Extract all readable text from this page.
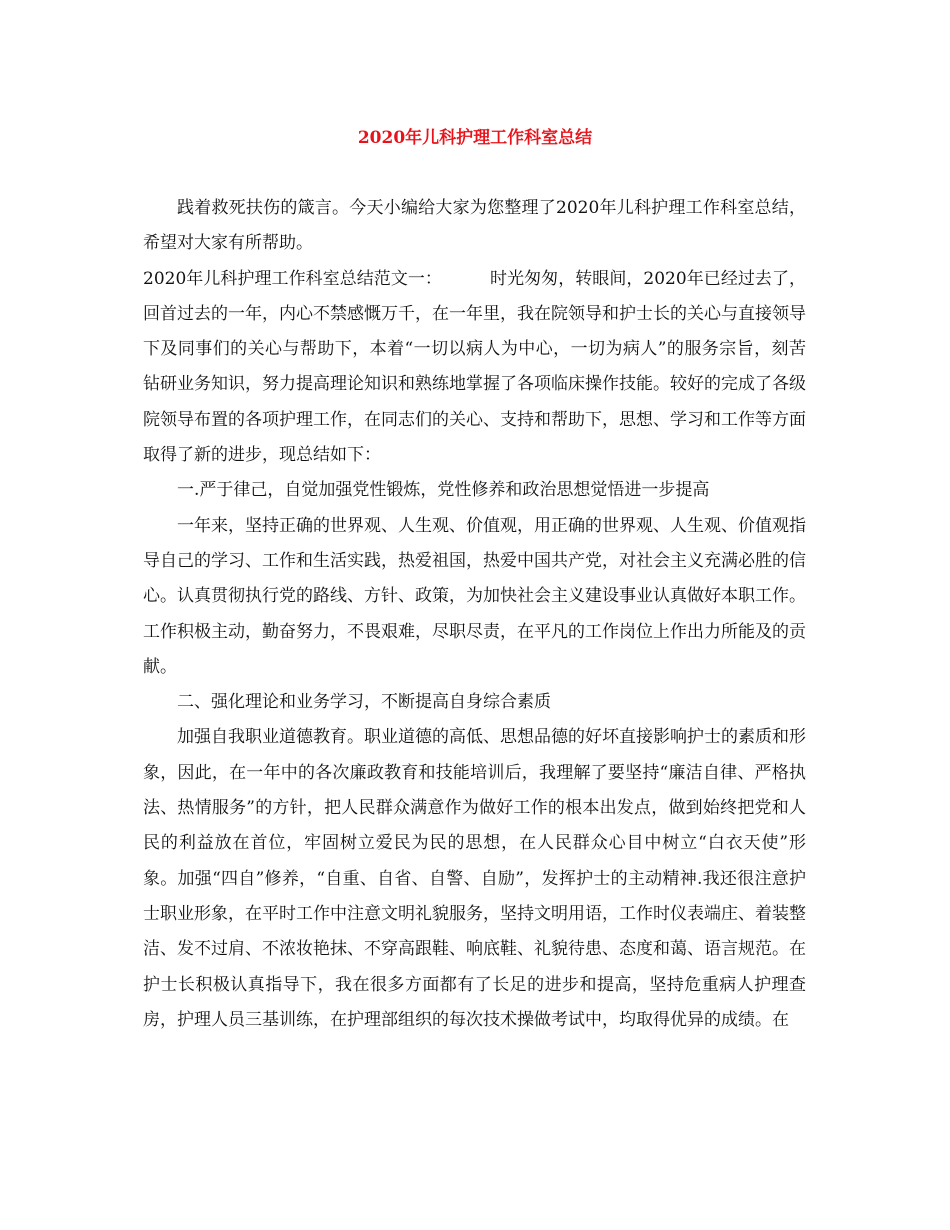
2020年儿科护理工作科室总结

践着救死扶伤的箴言。今天小编给大家为您整理了2020年儿科护理工作科室总结，希望对大家有所帮助。

2020年儿科护理工作科室总结范文一：	时光匆匆，转眼间，2020年已经过去了，回首过去的一年，内心不禁感慨万千，在一年里，我在院领导和护士长的关心与直接领导下及同事们的关心与帮助下，本着“一切以病人为中心，一切为病人”的服务宗旨，刻苦钻研业务知识，努力提高理论知识和熟练地掌握了各项临床操作技能。较好的完成了各级院领导布置的各项护理工作，在同志们的关心、支持和帮助下，思想、学习和工作等方面取得了新的进步，现总结如下：

一.严于律己，自觉加强党性锻炼，党性修养和政治思想觉悟进一步提高

一年来，坚持正确的世界观、人生观、价值观，用正确的世界观、人生观、价值观指导自己的学习、工作和生活实践，热爱祖国，热爱中国共产党，对社会主义充满必胜的信心。认真贯彻执行党的路线、方针、政策，为加快社会主义建设事业认真做好本职工作。工作积极主动，勤奋努力，不畏艰难，尽职尽责，在平凡的工作岗位上作出力所能及的贡献。

二、强化理论和业务学习，不断提高自身综合素质

加强自我职业道德教育。职业道德的高低、思想品德的好坏直接影响护士的素质和形象，因此，在一年中的各次廉政教育和技能培训后，我理解了要坚持“廉洁自律、严格执法、热情服务”的方针，把人民群众满意作为做好工作的根本出发点，做到始终把党和人民的利益放在首位，牢固树立爱民为民的思想，在人民群众心目中树立“白衣天使”形象。加强“四自”修养，“自重、自省、自警、自励”，发挥护士的主动精神.我还很注意护士职业形象，在平时工作中注意文明礼貌服务，坚持文明用语，工作时仪表端庄、着装整洁、发不过肩、不浓妆艳抹、不穿高跟鞋、响底鞋、礼貌待患、态度和蔼、语言规范。在护士长积极认真指导下，我在很多方面都有了长足的进步和提高，坚持危重病人护理查房，护理人员三基训练，在护理部组织的每次技术操做考试中，均取得优异的成绩。在
